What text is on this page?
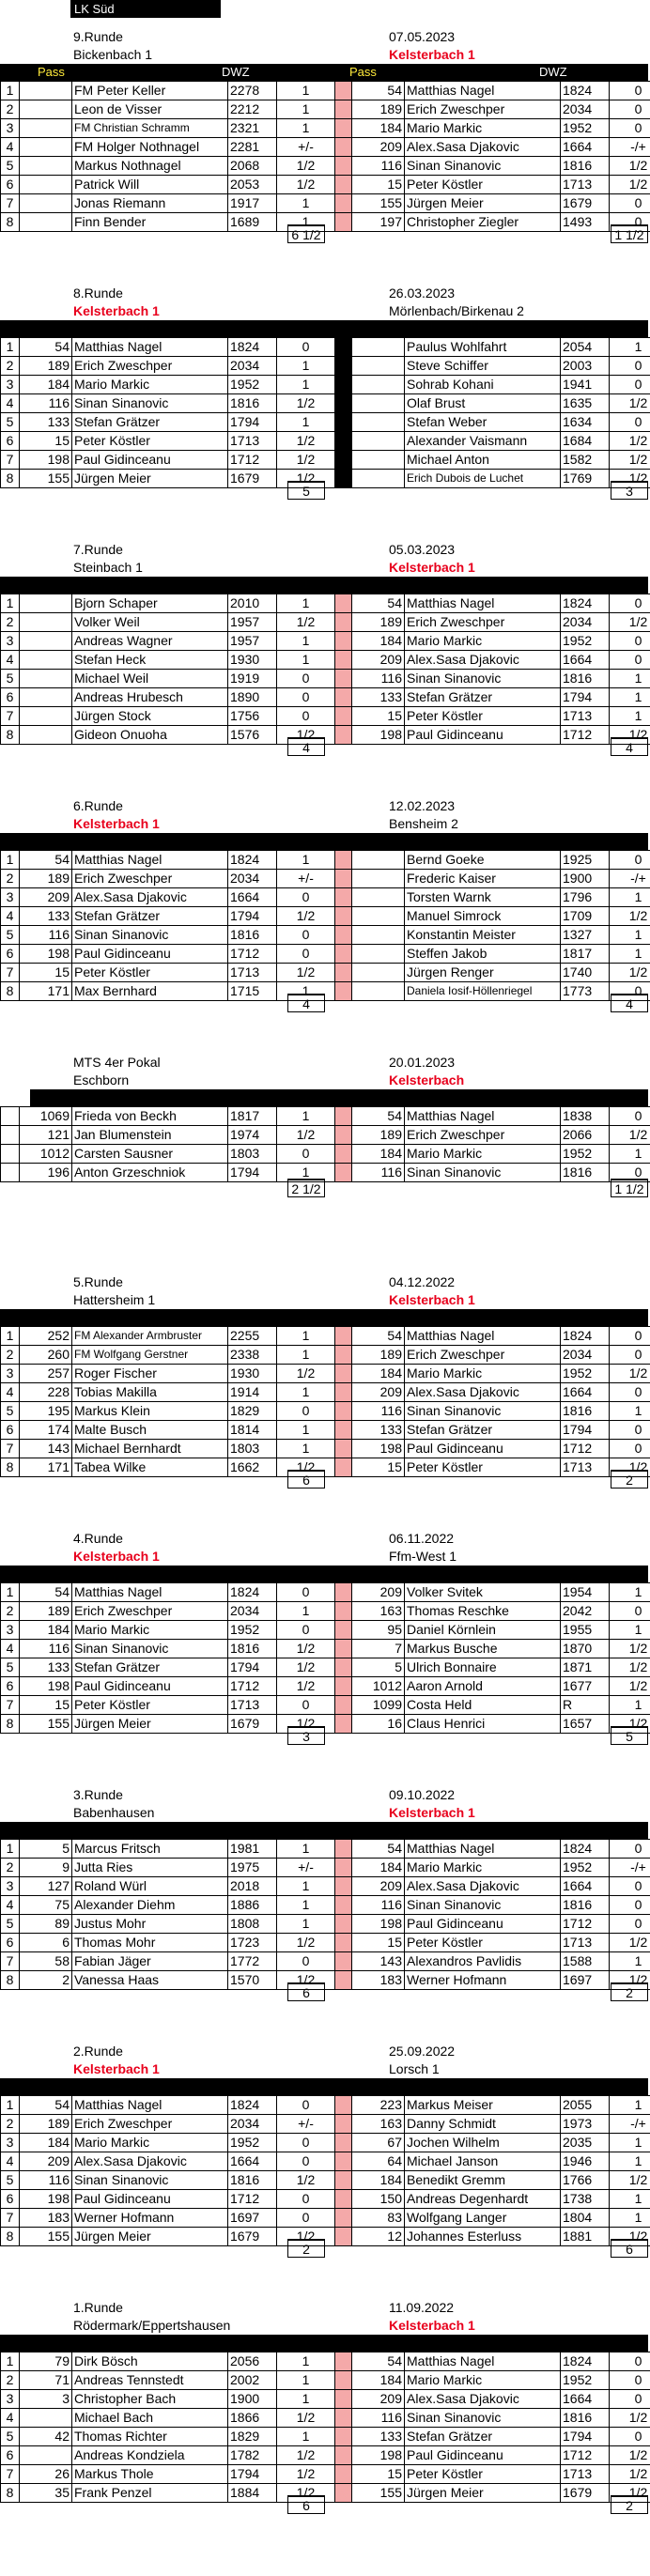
LK Süd
9.Runde	07.05.2023
Bickenbach 1	Kelsterbach 1
Pass	DWZ	Pass	DWZ
1		FM Peter Keller	2278	1		54	Matthias Nagel	1824	0
2		Leon de Visser	2212	1		189	Erich Zweschper	2034	0
3		FM Christian Schramm	2321	1		184	Mario Markic	1952	0
4		FM Holger Nothnagel	2281	+/-		209	Alex.Sasa Djakovic	1664	-/+
5		Markus Nothnagel	2068	1/2		116	Sinan Sinanovic	1816	1/2
6		Patrick Will	2053	1/2		15	Peter Köstler	1713	1/2
7		Jonas Riemann	1917	1		155	Jürgen Meier	1679	0
8		Finn Bender	1689	1		197	Christopher Ziegler	1493	0
6 1/2	1 1/2
8.Runde	26.03.2023
Kelsterbach 1	Mörlenbach/Birkenau 2
1	54	Matthias Nagel	1824	0			Paulus Wohlfahrt	2054	1
2	189	Erich Zweschper	2034	1			Steve Schiffer	2003	0
3	184	Mario Markic	1952	1			Sohrab Kohani	1941	0
4	116	Sinan Sinanovic	1816	1/2			Olaf Brust	1635	1/2
5	133	Stefan Grätzer	1794	1			Stefan Weber	1634	0
6	15	Peter Köstler	1713	1/2			Alexander Vaismann	1684	1/2
7	198	Paul Gidinceanu	1712	1/2			Michael Anton	1582	1/2
8	155	Jürgen Meier	1679	1/2			Erich Dubois de Luchet	1769	1/2
5	3
7.Runde	05.03.2023
Steinbach 1	Kelsterbach 1
1		Bjorn Schaper	2010	1		54	Matthias Nagel	1824	0
2		Volker Weil	1957	1/2		189	Erich Zweschper	2034	1/2
3		Andreas Wagner	1957	1		184	Mario Markic	1952	0
4		Stefan Heck	1930	1		209	Alex.Sasa Djakovic	1664	0
5		Michael Weil	1919	0		116	Sinan Sinanovic	1816	1
6		Andreas Hrubesch	1890	0		133	Stefan Grätzer	1794	1
7		Jürgen Stock	1756	0		15	Peter Köstler	1713	1
8		Gideon Onuoha	1576	1/2		198	Paul Gidinceanu	1712	1/2
4	4
6.Runde	12.02.2023
Kelsterbach 1	Bensheim 2
1	54	Matthias Nagel	1824	1			Bernd Goeke	1925	0
2	189	Erich Zweschper	2034	+/-			Frederic Kaiser	1900	-/+
3	209	Alex.Sasa Djakovic	1664	0			Torsten Warnk	1796	1
4	133	Stefan Grätzer	1794	1/2			Manuel Simrock	1709	1/2
5	116	Sinan Sinanovic	1816	0			Konstantin Meister	1327	1
6	198	Paul Gidinceanu	1712	0			Steffen Jakob	1817	1
7	15	Peter Köstler	1713	1/2			Jürgen Renger	1740	1/2
8	171	Max Bernhard	1715	1			Daniela Iosif-Höllenriegel	1773	0
4	4
MTS 4er Pokal	20.01.2023
Eschborn	Kelsterbach
	1069	Frieda von Beckh	1817	1		54	Matthias Nagel	1838	0
	121	Jan Blumenstein	1974	1/2		189	Erich Zweschper	2066	1/2
	1012	Carsten Sausner	1803	0		184	Mario Markic	1952	1
	196	Anton Grzeschniok	1794	1		116	Sinan Sinanovic	1816	0
2 1/2	1 1/2
5.Runde	04.12.2022
Hattersheim 1	Kelsterbach 1
1	252	FM Alexander Armbruster	2255	1		54	Matthias Nagel	1824	0
2	260	FM Wolfgang Gerstner	2338	1		189	Erich Zweschper	2034	0
3	257	Roger Fischer	1930	1/2		184	Mario Markic	1952	1/2
4	228	Tobias Makilla	1914	1		209	Alex.Sasa Djakovic	1664	0
5	195	Markus Klein	1829	0		116	Sinan Sinanovic	1816	1
6	174	Malte Busch	1814	1		133	Stefan Grätzer	1794	0
7	143	Michael Bernhardt	1803	1		198	Paul Gidinceanu	1712	0
8	171	Tabea Wilke	1662	1/2		15	Peter Köstler	1713	1/2
6	2
4.Runde	06.11.2022
Kelsterbach 1	Ffm-West 1
1	54	Matthias Nagel	1824	0		209	Volker Svitek	1954	1
2	189	Erich Zweschper	2034	1		163	Thomas Reschke	2042	0
3	184	Mario Markic	1952	0		95	Daniel Körnlein	1955	1
4	116	Sinan Sinanovic	1816	1/2		7	Markus Busche	1870	1/2
5	133	Stefan Grätzer	1794	1/2		5	Ulrich Bonnaire	1871	1/2
6	198	Paul Gidinceanu	1712	1/2		1012	Aaron Arnold	1677	1/2
7	15	Peter Köstler	1713	0		1099	Costa Held	R	1
8	155	Jürgen Meier	1679	1/2		16	Claus Henrici	1657	1/2
3	5
3.Runde	09.10.2022
Babenhausen	Kelsterbach 1
1	5	Marcus Fritsch	1981	1		54	Matthias Nagel	1824	0
2	9	Jutta Ries	1975	+/-		184	Mario Markic	1952	-/+
3	127	Roland Würl	2018	1		209	Alex.Sasa Djakovic	1664	0
4	75	Alexander Diehm	1886	1		116	Sinan Sinanovic	1816	0
5	89	Justus Mohr	1808	1		198	Paul Gidinceanu	1712	0
6	6	Thomas Mohr	1723	1/2		15	Peter Köstler	1713	1/2
7	58	Fabian Jäger	1772	0		143	Alexandros Pavlidis	1588	1
8	2	Vanessa Haas	1570	1/2		183	Werner Hofmann	1697	1/2
6	2
2.Runde	25.09.2022
Kelsterbach 1	Lorsch 1
1	54	Matthias Nagel	1824	0		223	Markus Meiser	2055	1
2	189	Erich Zweschper	2034	+/-		163	Danny Schmidt	1973	-/+
3	184	Mario Markic	1952	0		67	Jochen Wilhelm	2035	1
4	209	Alex.Sasa Djakovic	1664	0		64	Michael Janson	1946	1
5	116	Sinan Sinanovic	1816	1/2		184	Benedikt Gremm	1766	1/2
6	198	Paul Gidinceanu	1712	0		150	Andreas Degenhardt	1738	1
7	183	Werner Hofmann	1697	0		83	Wolfgang Langer	1804	1
8	155	Jürgen Meier	1679	1/2		12	Johannes Esterluss	1881	1/2
2	6
1.Runde	11.09.2022
Rödermark/Eppertshausen	Kelsterbach 1
1	79	Dirk Bösch	2056	1		54	Matthias Nagel	1824	0
2	71	Andreas Tennstedt	2002	1		184	Mario Markic	1952	0
3	3	Christopher Bach	1900	1		209	Alex.Sasa Djakovic	1664	0
4		Michael Bach	1866	1/2		116	Sinan Sinanovic	1816	1/2
5	42	Thomas Richter	1829	1		133	Stefan Grätzer	1794	0
6		Andreas Kondziela	1782	1/2		198	Paul Gidinceanu	1712	1/2
7	26	Markus Thole	1794	1/2		15	Peter Köstler	1713	1/2
8	35	Frank Penzel	1884	1/2		155	Jürgen Meier	1679	1/2
6	2
